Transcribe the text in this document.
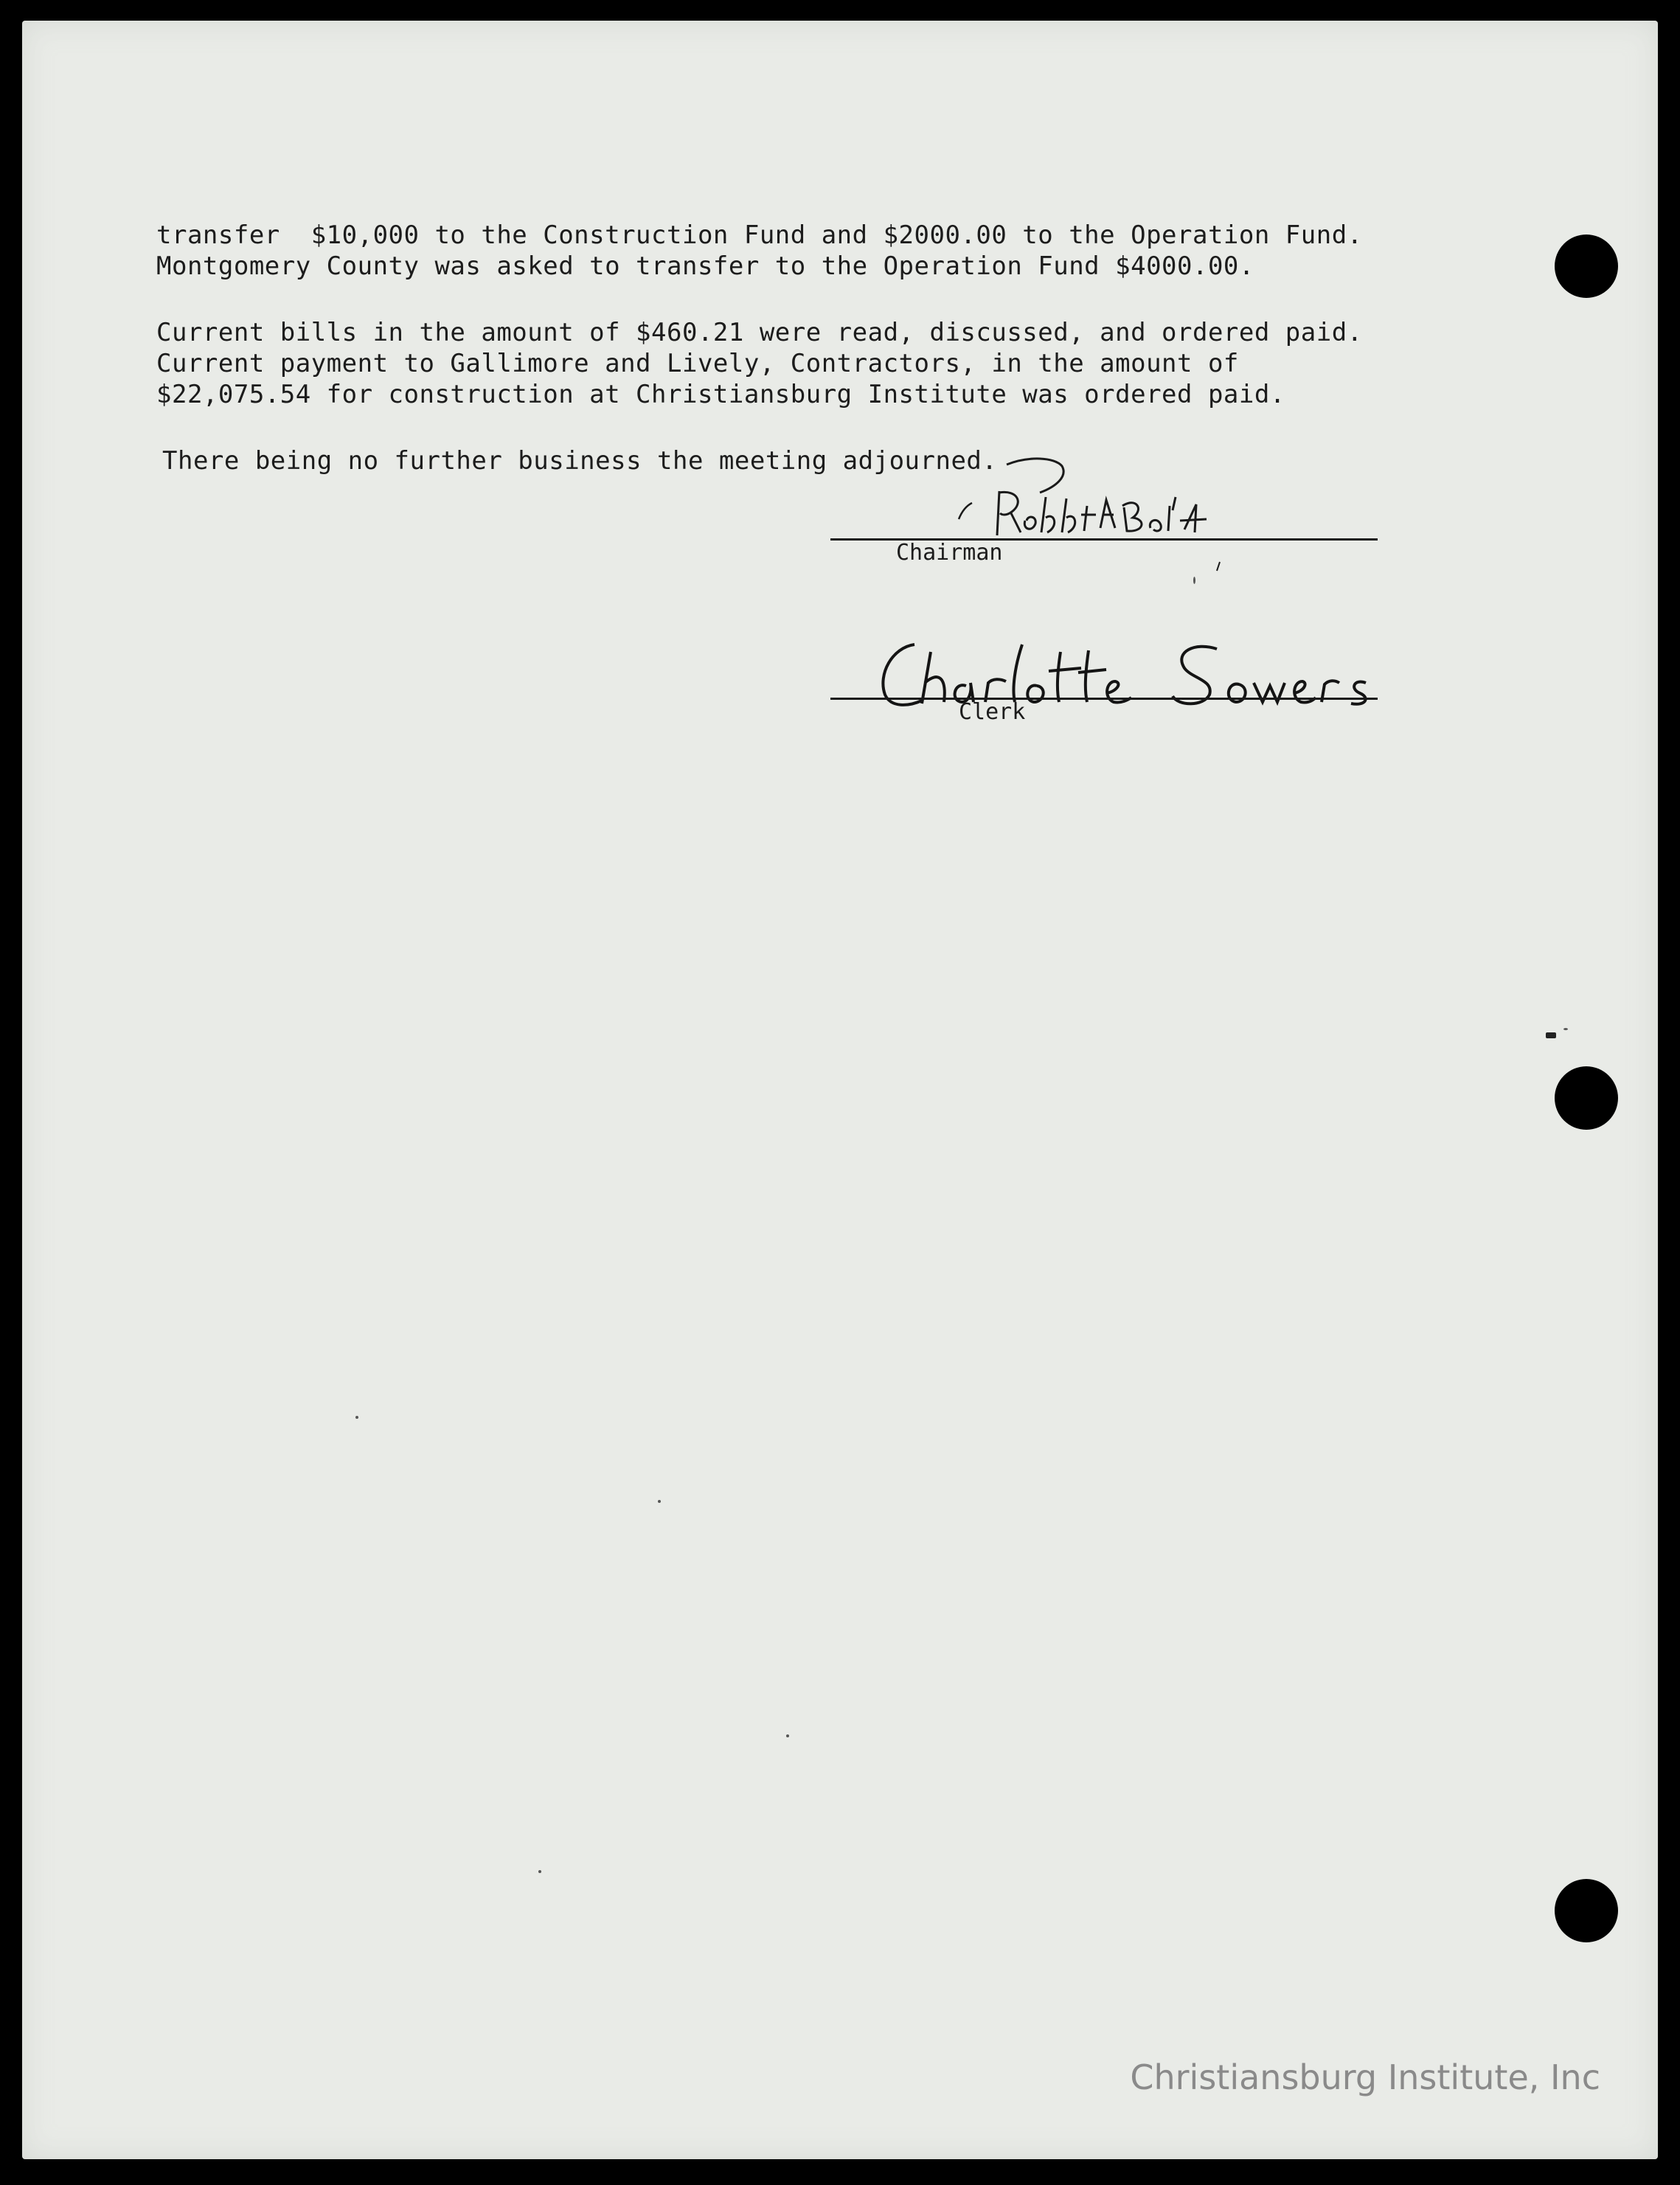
transfer  $10,000 to the Construction Fund and $2000.00 to the Operation Fund.
Montgomery County was asked to transfer to the Operation Fund $4000.00.
Current bills in the amount of $460.21 were read, discussed, and ordered paid.
Current payment to Gallimore and Lively, Contractors, in the amount of
$22,075.54 for construction at Christiansburg Institute was ordered paid.
There being no further business the meeting adjourned.
Chairman
Clerk
Christiansburg Institute, Inc
